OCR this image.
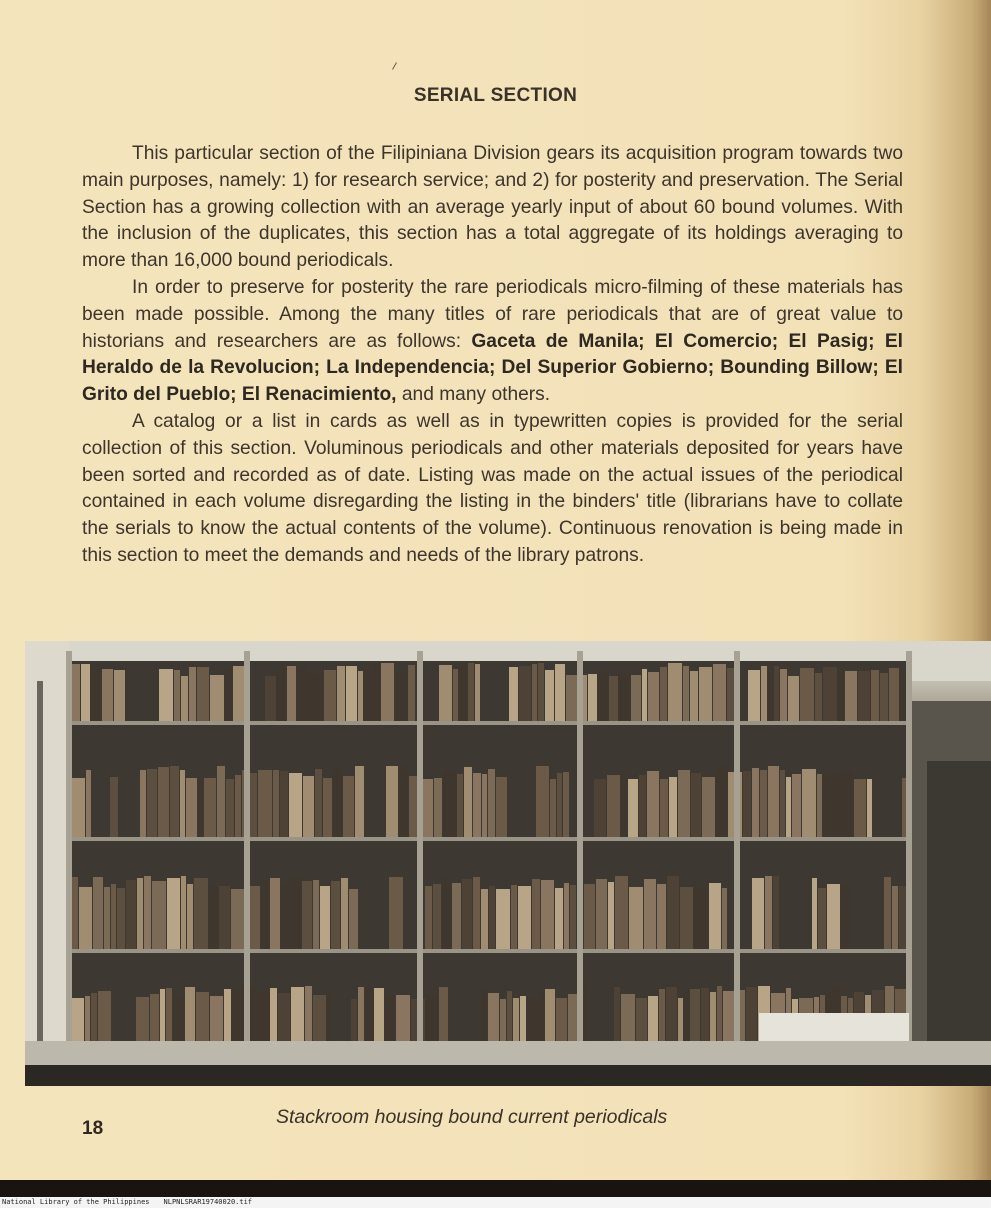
SERIAL SECTION

This particular section of the Filipiniana Division gears its acquisition program towards two main purposes, namely: 1) for research service; and 2) for posterity and preservation. The Serial Section has a growing collection with an average yearly input of about 60 bound volumes. With the inclusion of the duplicates, this section has a total aggregate of its holdings averaging to more than 16,000 bound periodicals.

In order to preserve for posterity the rare periodicals micro-filming of these materials has been made possible. Among the many titles of rare periodicals that are of great value to historians and researchers are as follows: Gaceta de Manila; El Comercio; El Pasig; El Heraldo de la Revolucion; La Independencia; Del Superior Gobierno; Bounding Billow; El Grito del Pueblo; El Renacimiento, and many others.

A catalog or a list in cards as well as in typewritten copies is provided for the serial collection of this section. Voluminous periodicals and other materials deposited for years have been sorted and recorded as of date. Listing was made on the actual issues of the periodical contained in each volume disregarding the listing in the binders' title (librarians have to collate the serials to know the actual contents of the volume). Continuous renovation is being made in this section to meet the demands and needs of the library patrons.

18
Stackroom housing bound current periodicals
National Library of the Philippines NLPNLSRAR19740020.tif
